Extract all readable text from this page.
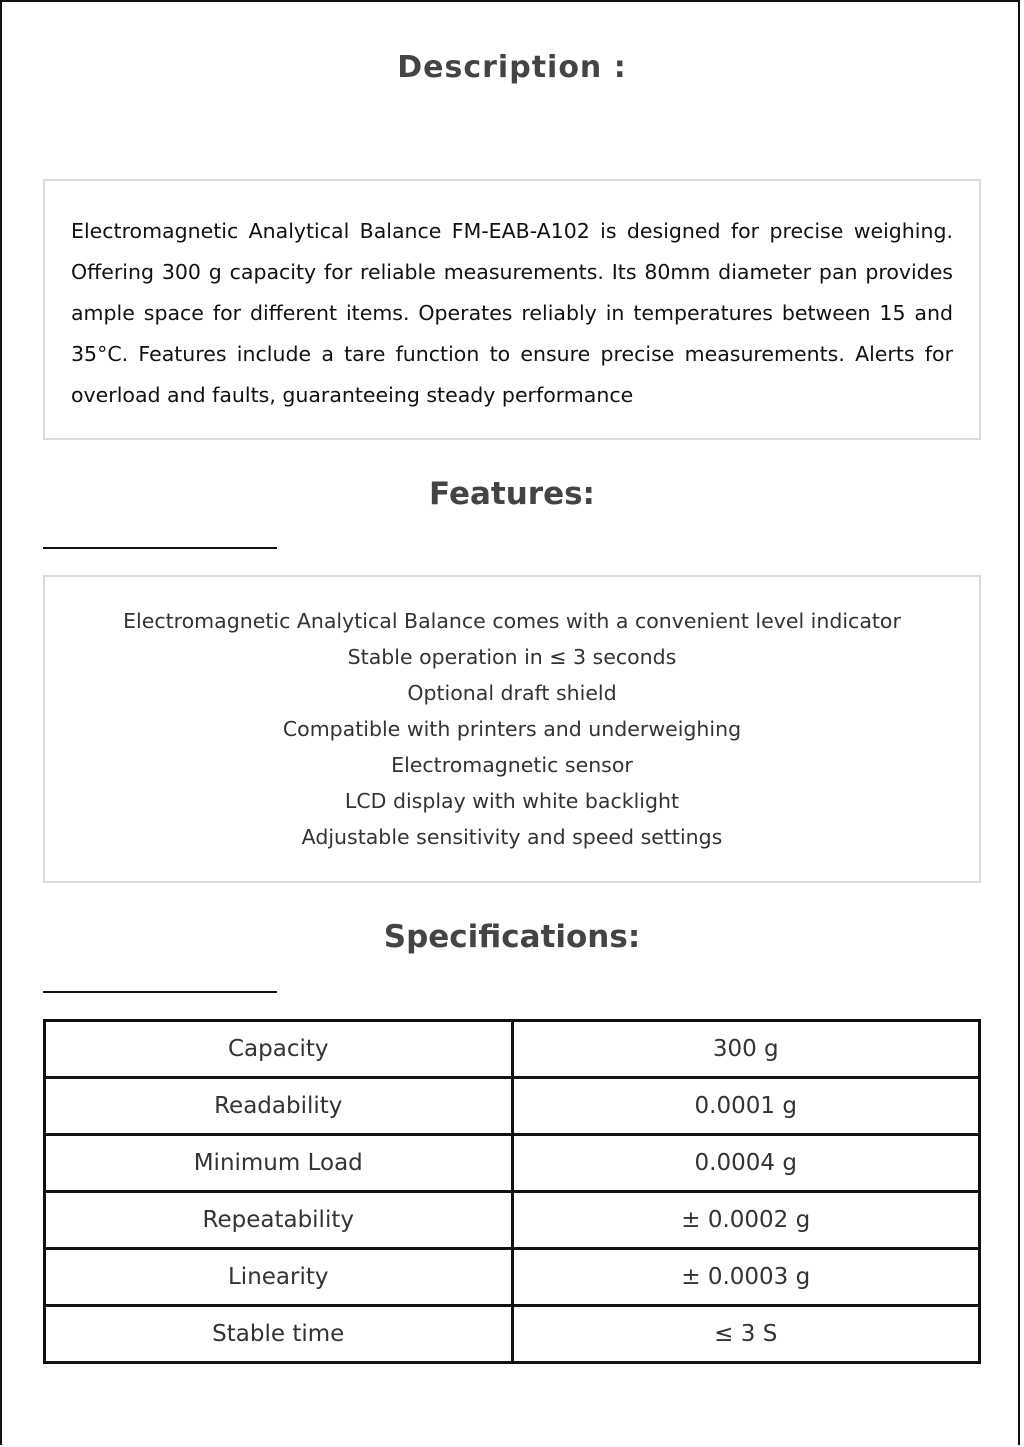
Description :

Electromagnetic Analytical Balance FM-EAB-A102 is designed for precise weighing. Offering 300 g capacity for reliable measurements. Its 80mm diameter pan provides ample space for different items. Operates reliably in temperatures between 15 and 35°C. Features include a tare function to ensure precise measurements. Alerts for overload and faults, guaranteeing steady performance

Features:
Electromagnetic Analytical Balance comes with a convenient level indicator
Stable operation in ≤ 3 seconds
Optional draft shield
Compatible with printers and underweighing
Electromagnetic sensor
LCD display with white backlight
Adjustable sensitivity and speed settings
Specifications:
Capacity	300 g
Readability	0.0001 g
Minimum Load	0.0004 g
Repeatability	± 0.0002 g
Linearity	± 0.0003 g
Stable time	≤ 3 S
